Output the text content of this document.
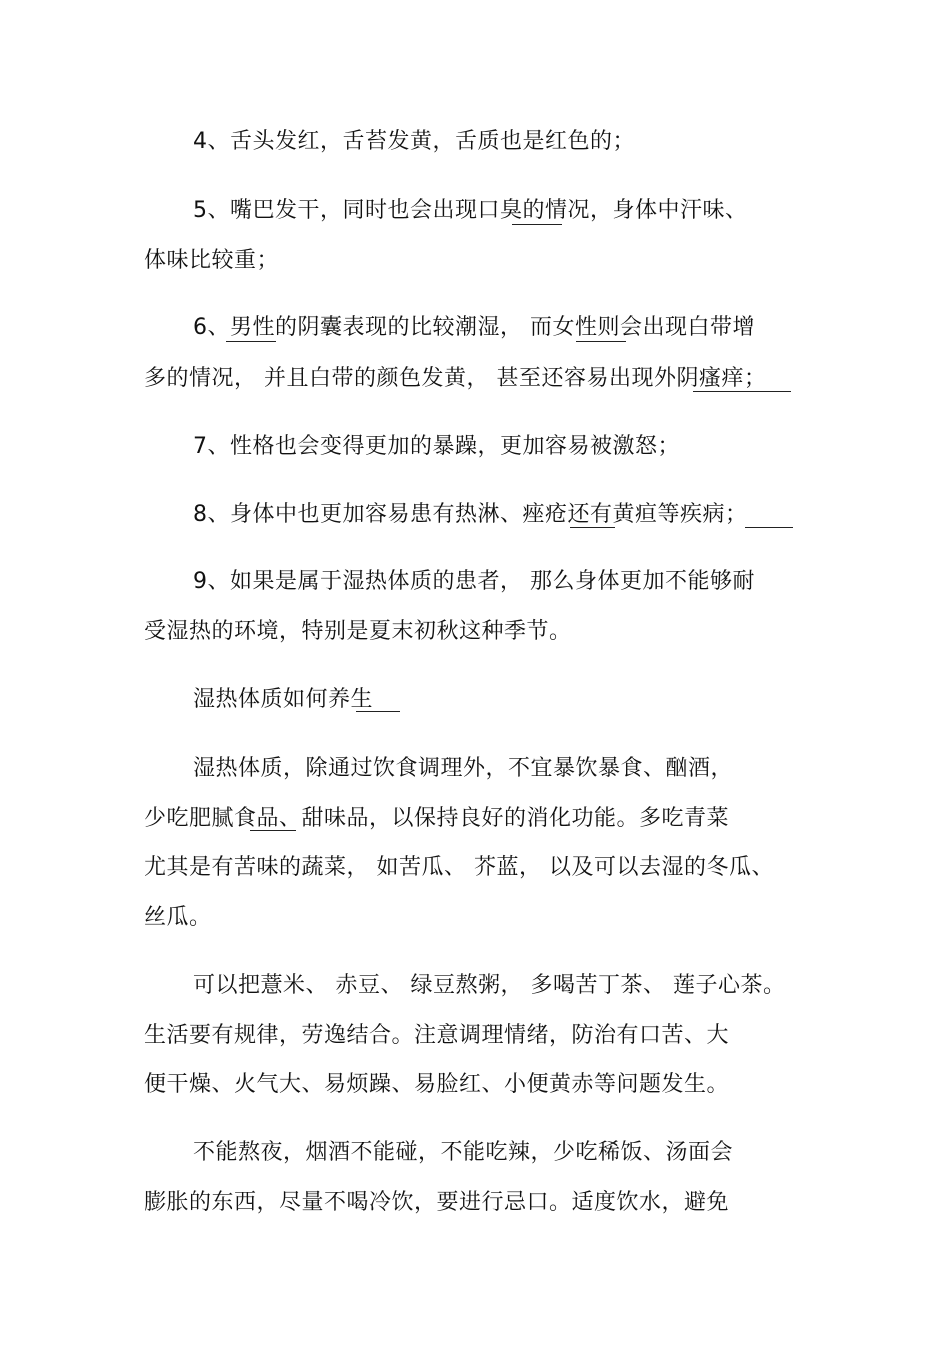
4、舌头发红，舌苔发黄，舌质也是红色的；
5、嘴巴发干，同时也会出现口臭的情况，身体中汗味、
体味比较重；
6、男性的阴囊表现的比较潮湿， 而女性则会出现白带增
多的情况， 并且白带的颜色发黄， 甚至还容易出现外阴瘙痒；
7、性格也会变得更加的暴躁，更加容易被激怒；
8、身体中也更加容易患有热淋、痤疮还有黄疸等疾病；
9、如果是属于湿热体质的患者， 那么身体更加不能够耐
受湿热的环境，特别是夏末初秋这种季节。
湿热体质如何养生
湿热体质，除通过饮食调理外，不宜暴饮暴食、酗酒，
少吃肥腻食品、甜味品，以保持良好的消化功能。多吃青菜
尤其是有苦味的蔬菜， 如苦瓜、 芥蓝， 以及可以去湿的冬瓜、
丝瓜。
可以把薏米、 赤豆、 绿豆熬粥， 多喝苦丁茶、 莲子心茶。
生活要有规律，劳逸结合。注意调理情绪，防治有口苦、大
便干燥、火气大、易烦躁、易脸红、小便黄赤等问题发生。
不能熬夜，烟酒不能碰，不能吃辣，少吃稀饭、汤面会
膨胀的东西，尽量不喝冷饮，要进行忌口。适度饮水，避免
